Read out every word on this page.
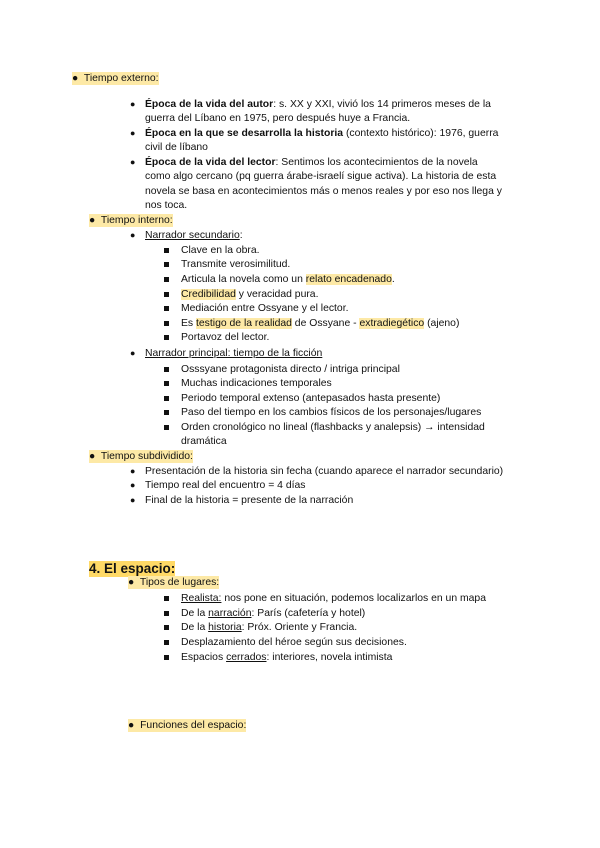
● Tiempo externo:
● Época de la vida del autor: s. XX y XXI, vivió los 14 primeros meses de la
guerra del Líbano en 1975, pero después huye a Francia.
● Época en la que se desarrolla la historia (contexto histórico): 1976, guerra
civil de líbano
● Época de la vida del lector: Sentimos los acontecimientos de la novela
como algo cercano (pq guerra árabe-israelí sigue activa). La historia de esta
novela se basa en acontecimientos más o menos reales y por eso nos llega y
nos toca.
● Tiempo interno:
● Narrador secundario:
Clave en la obra.
Transmite verosimilitud.
Articula la novela como un relato encadenado.
Credibilidad y veracidad pura.
Mediación entre Ossyane y el lector.
Es testigo de la realidad de Ossyane - extradiegético (ajeno)
Portavoz del lector.
● Narrador principal: tiempo de la ficción
Osssyane protagonista directo / intriga principal
Muchas indicaciones temporales
Periodo temporal extenso (antepasados hasta presente)
Paso del tiempo en los cambios físicos de los personajes/lugares
Orden cronológico no lineal (flashbacks y analepsis) → intensidad
dramática
● Tiempo subdividido:
● Presentación de la historia sin fecha (cuando aparece el narrador secundario)
● Tiempo real del encuentro = 4 días
● Final de la historia = presente de la narración
4. El espacio:
● Tipos de lugares:
Realista: nos pone en situación, podemos localizarlos en un mapa
De la narración: París (cafetería y hotel)
De la historia: Próx. Oriente y Francia.
Desplazamiento del héroe según sus decisiones.
Espacios cerrados: interiores, novela intimista
● Funciones del espacio:
